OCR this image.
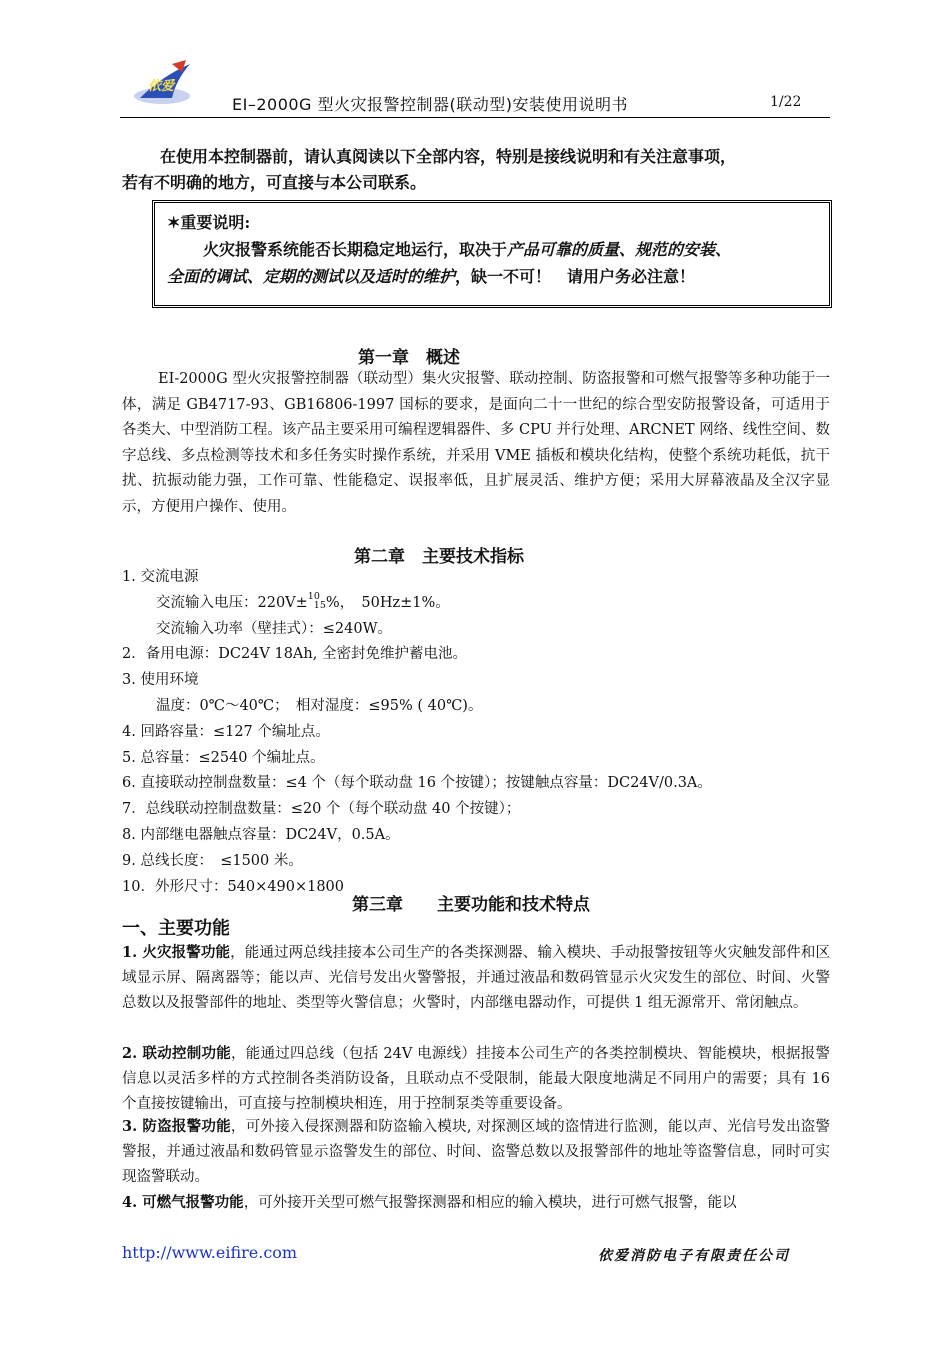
依爱
EI–2000G 型火灾报警控制器(联动型)安装使用说明书	1/22

在使用本控制器前，请认真阅读以下全部内容，特别是接线说明和有关注意事项，

若有不明确的地方，可直接与本公司联系。

✶重要说明:
火灾报警系统能否长期稳定地运行，取决于产品可靠的质量、规范的安装、
全面的调试、定期的测试以及适时的维护，缺一不可！　请用户务必注意！
第一章　概述

EI-2000G 型火灾报警控制器（联动型）集火灾报警、联动控制、防盗报警和可燃气报警等多种功能于一体，满足 GB4717-93、GB16806-1997 国标的要求，是面向二十一世纪的综合型安防报警设备，可适用于各类大、中型消防工程。该产品主要采用可编程逻辑器件、多 CPU 并行处理、ARCNET 网络、线性空间、数字总线、多点检测等技术和多任务实时操作系统，并采用 VME 插板和模块化结构，使整个系统功耗低，抗干扰、抗振动能力强，工作可靠、性能稳定、误报率低，且扩展灵活、维护方便；采用大屏幕液晶及全汉字显示，方便用户操作、使用。

第二章　主要技术指标
1. 交流电源
交流输入电压：220V± 10
15 %，　50Hz±1%。
交流输入功率（壁挂式）：≤240W。
2．备用电源：DC24V 18Ah, 全密封免维护蓄电池。
3. 使用环境
温度：0℃～40℃；　相对湿度：≤95% ( 40℃)。
4. 回路容量：≤127 个编址点。
5. 总容量：≤2540 个编址点。
6. 直接联动控制盘数量：≤4 个（每个联动盘 16 个按键）；按键触点容量：DC24V/0.3A。
7．总线联动控制盘数量：≤20 个（每个联动盘 40 个按键）；
8. 内部继电器触点容量：DC24V，0.5A。
9. 总线长度：　≤1500 米。
10．外形尺寸：540×490×1800
第三章　　主要功能和技术特点
一、主要功能

1. 火灾报警功能，能通过两总线挂接本公司生产的各类探测器、输入模块、手动报警按钮等火灾触发部件和区域显示屏、隔离器等；能以声、光信号发出火警警报，并通过液晶和数码管显示火灾发生的部位、时间、火警总数以及报警部件的地址、类型等火警信息；火警时，内部继电器动作，可提供 1 组无源常开、常闭触点。

2. 联动控制功能，能通过四总线（包括 24V 电源线）挂接本公司生产的各类控制模块、智能模块，根据报警信息以灵活多样的方式控制各类消防设备，且联动点不受限制，能最大限度地满足不同用户的需要；具有 16 个直接按键输出，可直接与控制模块相连，用于控制泵类等重要设备。

3. 防盗报警功能，可外接入侵探测器和防盗输入模块, 对探测区域的盗情进行监测，能以声、光信号发出盗警警报，并通过液晶和数码管显示盗警发生的部位、时间、盗警总数以及报警部件的地址等盗警信息，同时可实现盗警联动。

4. 可燃气报警功能，可外接开关型可燃气报警探测器和相应的输入模块，进行可燃气报警，能以

http://www.eifire.com	依爱消防电子有限责任公司
